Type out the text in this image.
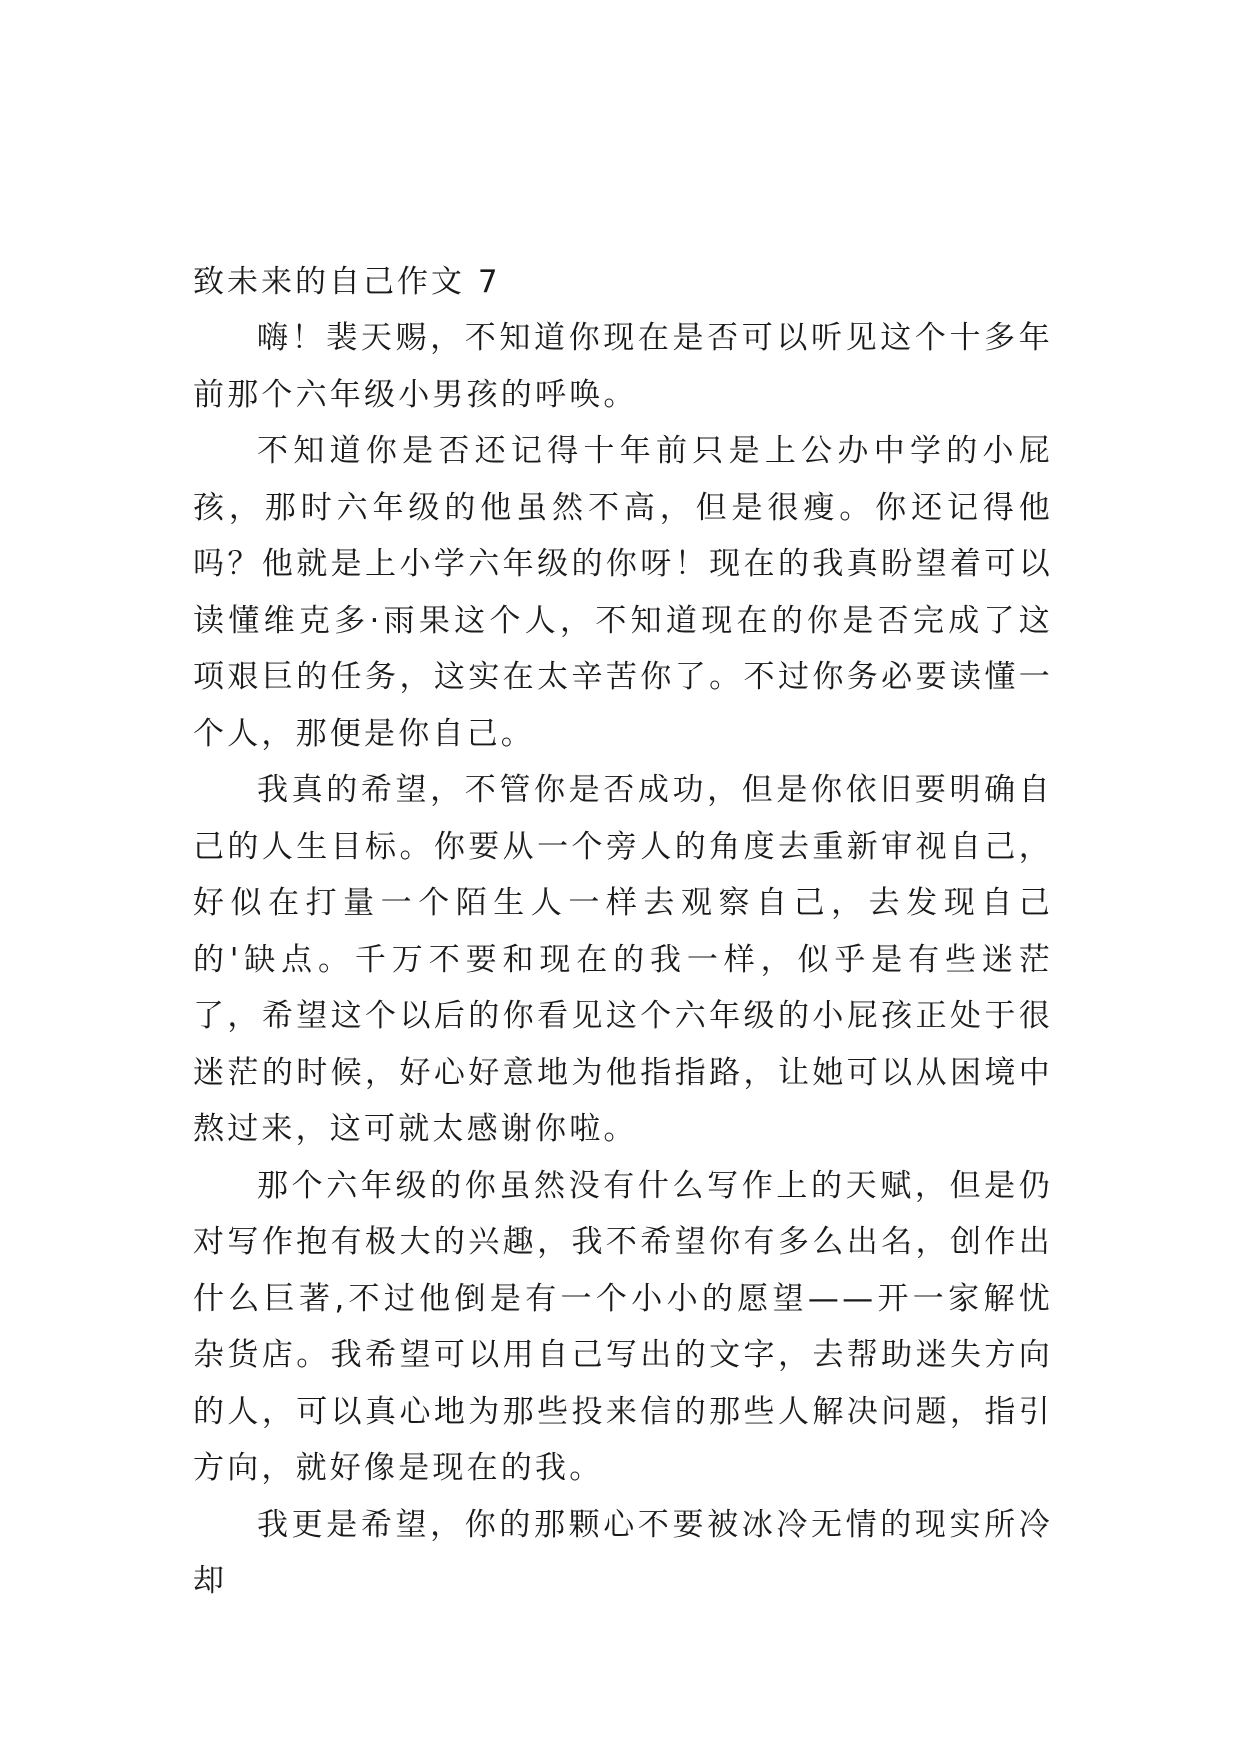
致未来的自己作文 7

嗨！裴天赐，不知道你现在是否可以听见这个十多年前那个六年级小男孩的呼唤。

不知道你是否还记得十年前只是上公办中学的小屁孩，那时六年级的他虽然不高，但是很瘦。你还记得他吗？他就是上小学六年级的你呀！现在的我真盼望着可以读懂维克多·雨果这个人，不知道现在的你是否完成了这项艰巨的任务，这实在太辛苦你了。不过你务必要读懂一个人，那便是你自己。

我真的希望，不管你是否成功，但是你依旧要明确自己的人生目标。你要从一个旁人的角度去重新审视自己，好似在打量一个陌生人一样去观察自己，去发现自己的'缺点。千万不要和现在的我一样，似乎是有些迷茫了，希望这个以后的你看见这个六年级的小屁孩正处于很迷茫的时候，好心好意地为他指指路，让她可以从困境中熬过来，这可就太感谢你啦。

那个六年级的你虽然没有什么写作上的天赋，但是仍对写作抱有极大的兴趣，我不希望你有多么出名，创作出什么巨著,不过他倒是有一个小小的愿望——开一家解忧杂货店。我希望可以用自己写出的文字，去帮助迷失方向的人，可以真心地为那些投来信的那些人解决问题，指引方向，就好像是现在的我。

我更是希望，你的那颗心不要被冰冷无情的现实所冷却
